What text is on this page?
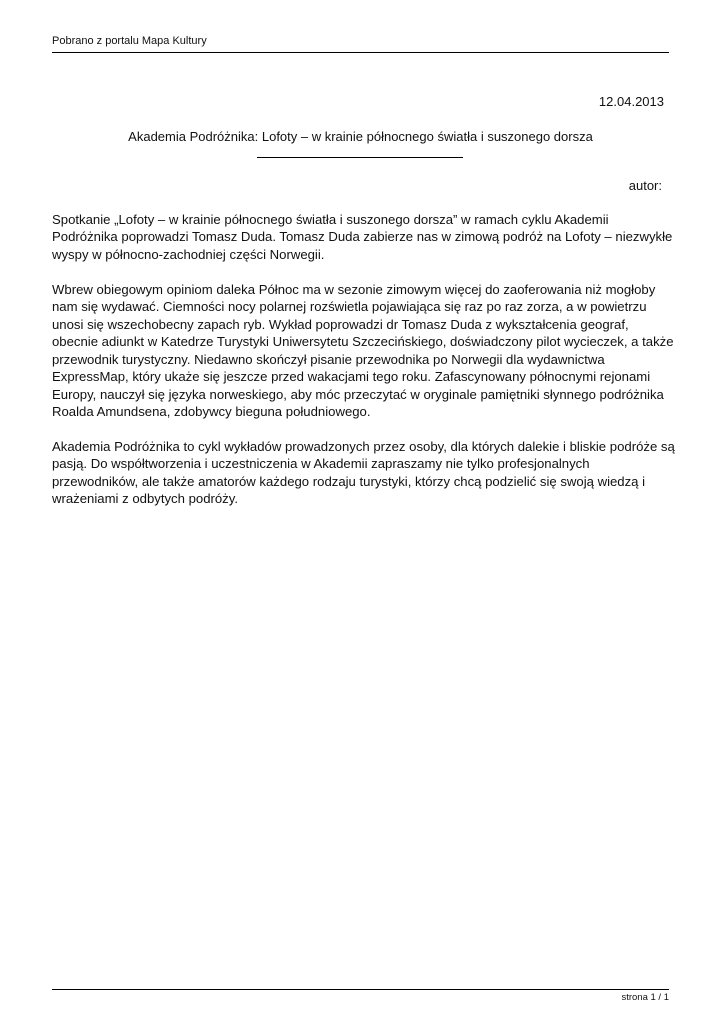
Pobrano z portalu Mapa Kultury
12.04.2013
Akademia Podróżnika: Lofoty – w krainie północnego światła i suszonego dorsza
autor:

Spotkanie „Lofoty – w krainie północnego światła i suszonego dorsza” w ramach cyklu Akademii Podróżnika poprowadzi Tomasz Duda. Tomasz Duda zabierze nas w zimową podróż na Lofoty – niezwykłe wyspy w północno-zachodniej części Norwegii.

Wbrew obiegowym opiniom daleka Północ ma w sezonie zimowym więcej do zaoferowania niż mogłoby nam się wydawać. Ciemności nocy polarnej rozświetla pojawiająca się raz po raz zorza, a w powietrzu unosi się wszechobecny zapach ryb. Wykład poprowadzi dr Tomasz Duda z wykształcenia geograf, obecnie adiunkt w Katedrze Turystyki Uniwersytetu Szczecińskiego, doświadczony pilot wycieczek, a także przewodnik turystyczny. Niedawno skończył pisanie przewodnika po Norwegii dla wydawnictwa ExpressMap, który ukaże się jeszcze przed wakacjami tego roku. Zafascynowany północnymi rejonami Europy, nauczył się języka norweskiego, aby móc przeczytać w oryginale pamiętniki słynnego podróżnika Roalda Amundsena, zdobywcy bieguna południowego.

Akademia Podróżnika to cykl wykładów prowadzonych przez osoby, dla których dalekie i bliskie podróże są pasją. Do współtworzenia i uczestniczenia w Akademii zapraszamy nie tylko profesjonalnych przewodników, ale także amatorów każdego rodzaju turystyki, którzy chcą podzielić się swoją wiedzą i wrażeniami z odbytych podróży.

strona 1 / 1
